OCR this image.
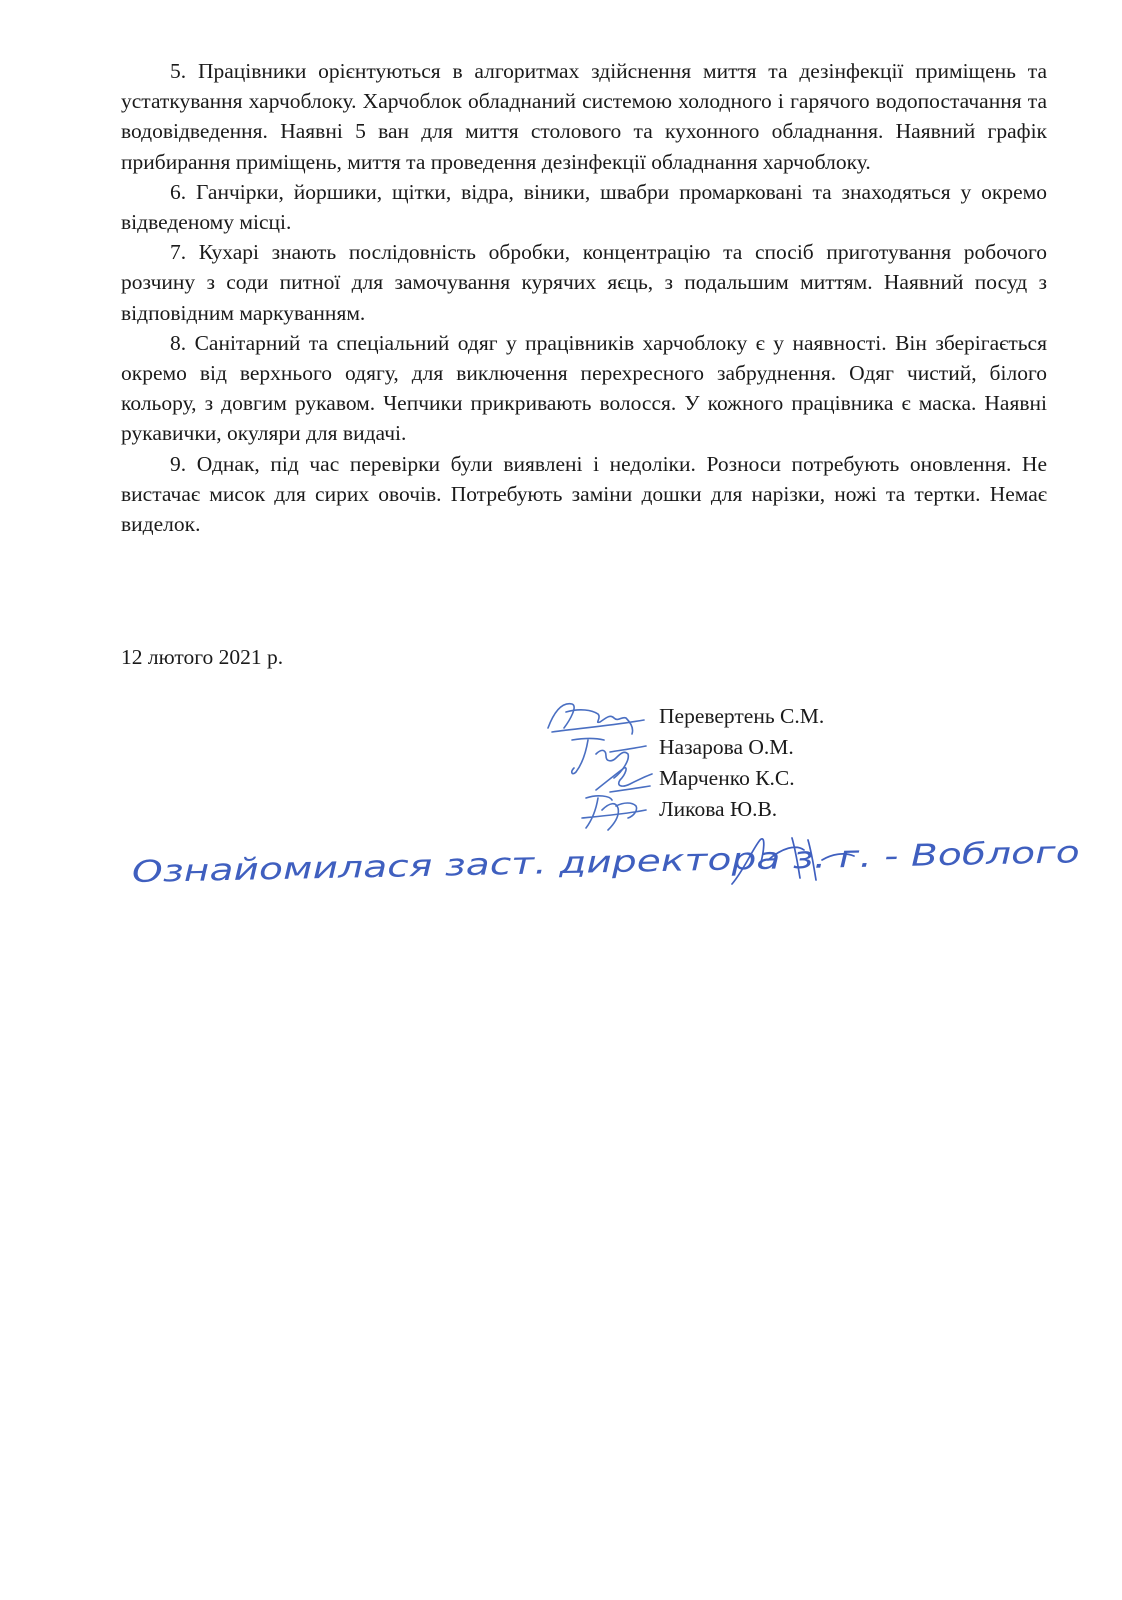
5. Працівники орієнтуються в алгоритмах здійснення миття та дезінфекції приміщень та устаткування харчоблоку. Харчоблок обладнаний системою холодного і гарячого водопостачання та водовідведення. Наявні 5 ван для миття столового та кухонного обладнання. Наявний графік прибирання приміщень, миття та проведення дезінфекції обладнання харчоблоку.

6. Ганчірки, йоршики, щітки, відра, віники, швабри промарковані та знаходяться у окремо відведеному місці.

7. Кухарі знають послідовність обробки, концентрацію та спосіб приготування робочого розчину з соди питної для замочування курячих яєць, з подальшим миттям. Наявний посуд з відповідним маркуванням.

8. Санітарний та спеціальний одяг у працівників харчоблоку є у наявності. Він зберігається окремо від верхнього одягу, для виключення перехресного забруднення. Одяг чистий, білого кольору, з довгим рукавом. Чепчики прикривають волосся. У кожного працівника є маска. Наявні рукавички, окуляри для видачі.

9. Однак, під час перевірки були виявлені і недоліки. Розноси потребують оновлення. Не вистачає мисок для сирих овочів. Потребують заміни дошки для нарізки, ножі та тертки. Немає виделок.

12 лютого 2021 р.
Перевертень С.М.
Назарова О.М.
Марченко К.С.
Ликова Ю.В.
Ознайомилася заст. директора з. г. - Воблого
